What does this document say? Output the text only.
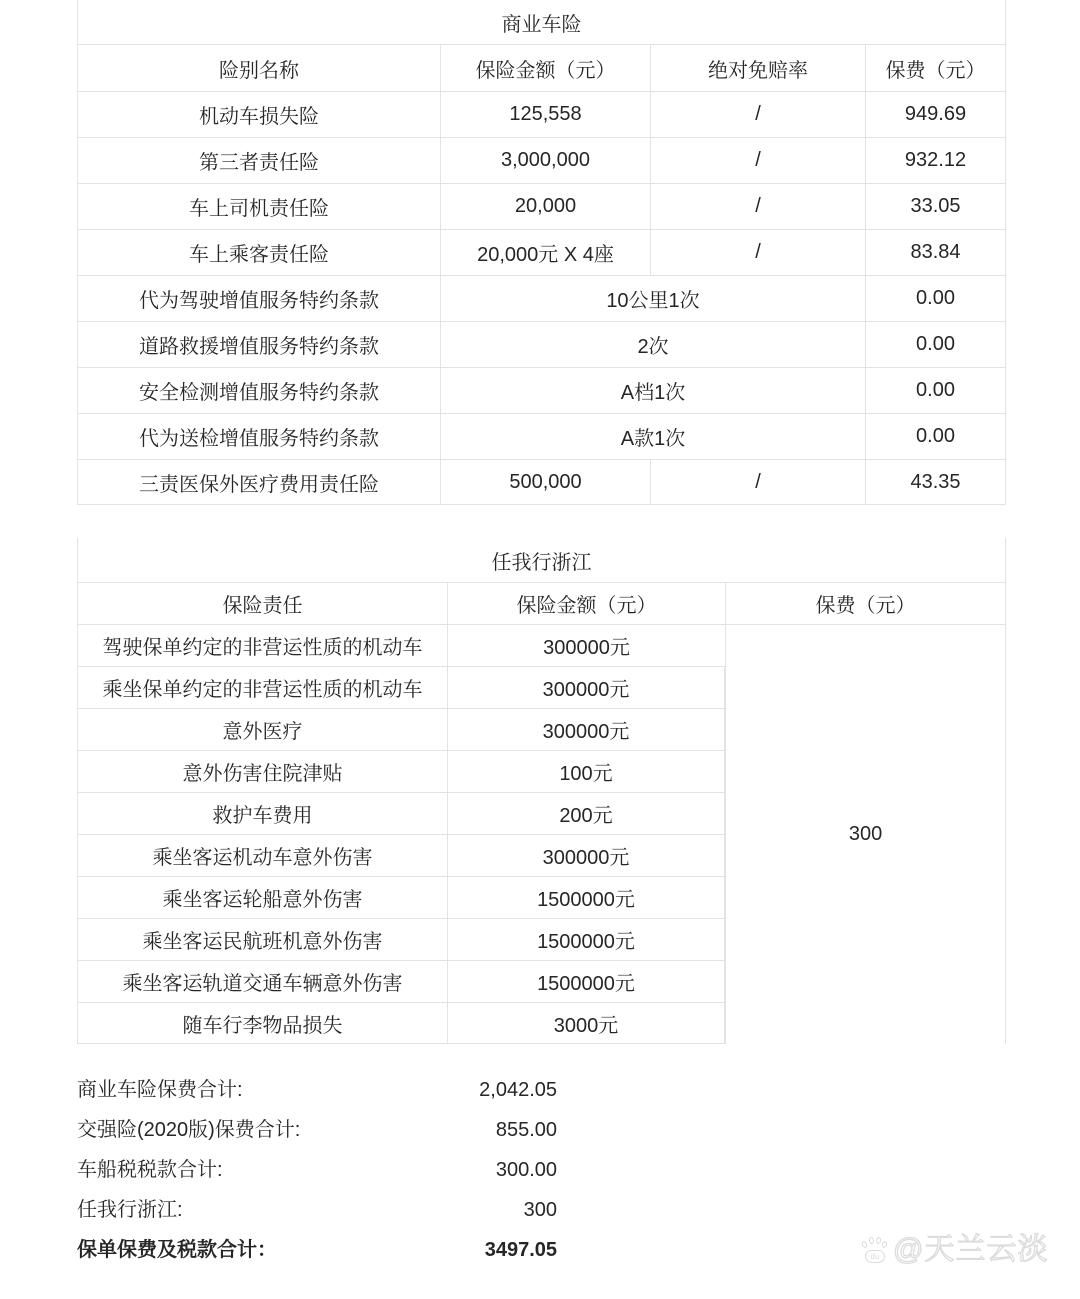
商业车险			
险别名称	保险金额（元）	绝对免赔率	保费（元）
机动车损失险	125,558	/	949.69
第三者责任险	3,000,000	/	932.12
车上司机责任险	20,000	/	33.05
车上乘客责任险	20,000元 X 4座	/	83.84
代为驾驶增值服务特约条款	10公里1次		0.00
道路救援增值服务特约条款	2次		0.00
安全检测增值服务特约条款	A档1次		0.00
代为送检增值服务特约条款	A款1次		0.00
三责医保外医疗费用责任险	500,000	/	43.35
任我行浙江		
保险责任	保险金额（元）	保费（元）
驾驶保单约定的非营运性质的机动车	300000元	300
乘坐保单约定的非营运性质的机动车	300000元	
意外医疗	300000元	
意外伤害住院津贴	100元	
救护车费用	200元	
乘坐客运机动车意外伤害	300000元	
乘坐客运轮船意外伤害	1500000元	
乘坐客运民航班机意外伤害	1500000元	
乘坐客运轨道交通车辆意外伤害	1500000元	
随车行李物品损失	3000元	
商业车险保费合计:	2,042.05
交强险(2020版)保费合计:	855.00
车船税税款合计:	300.00
任我行浙江:	300
保单保费及税款合计：	3497.05	du @天兰云淡
